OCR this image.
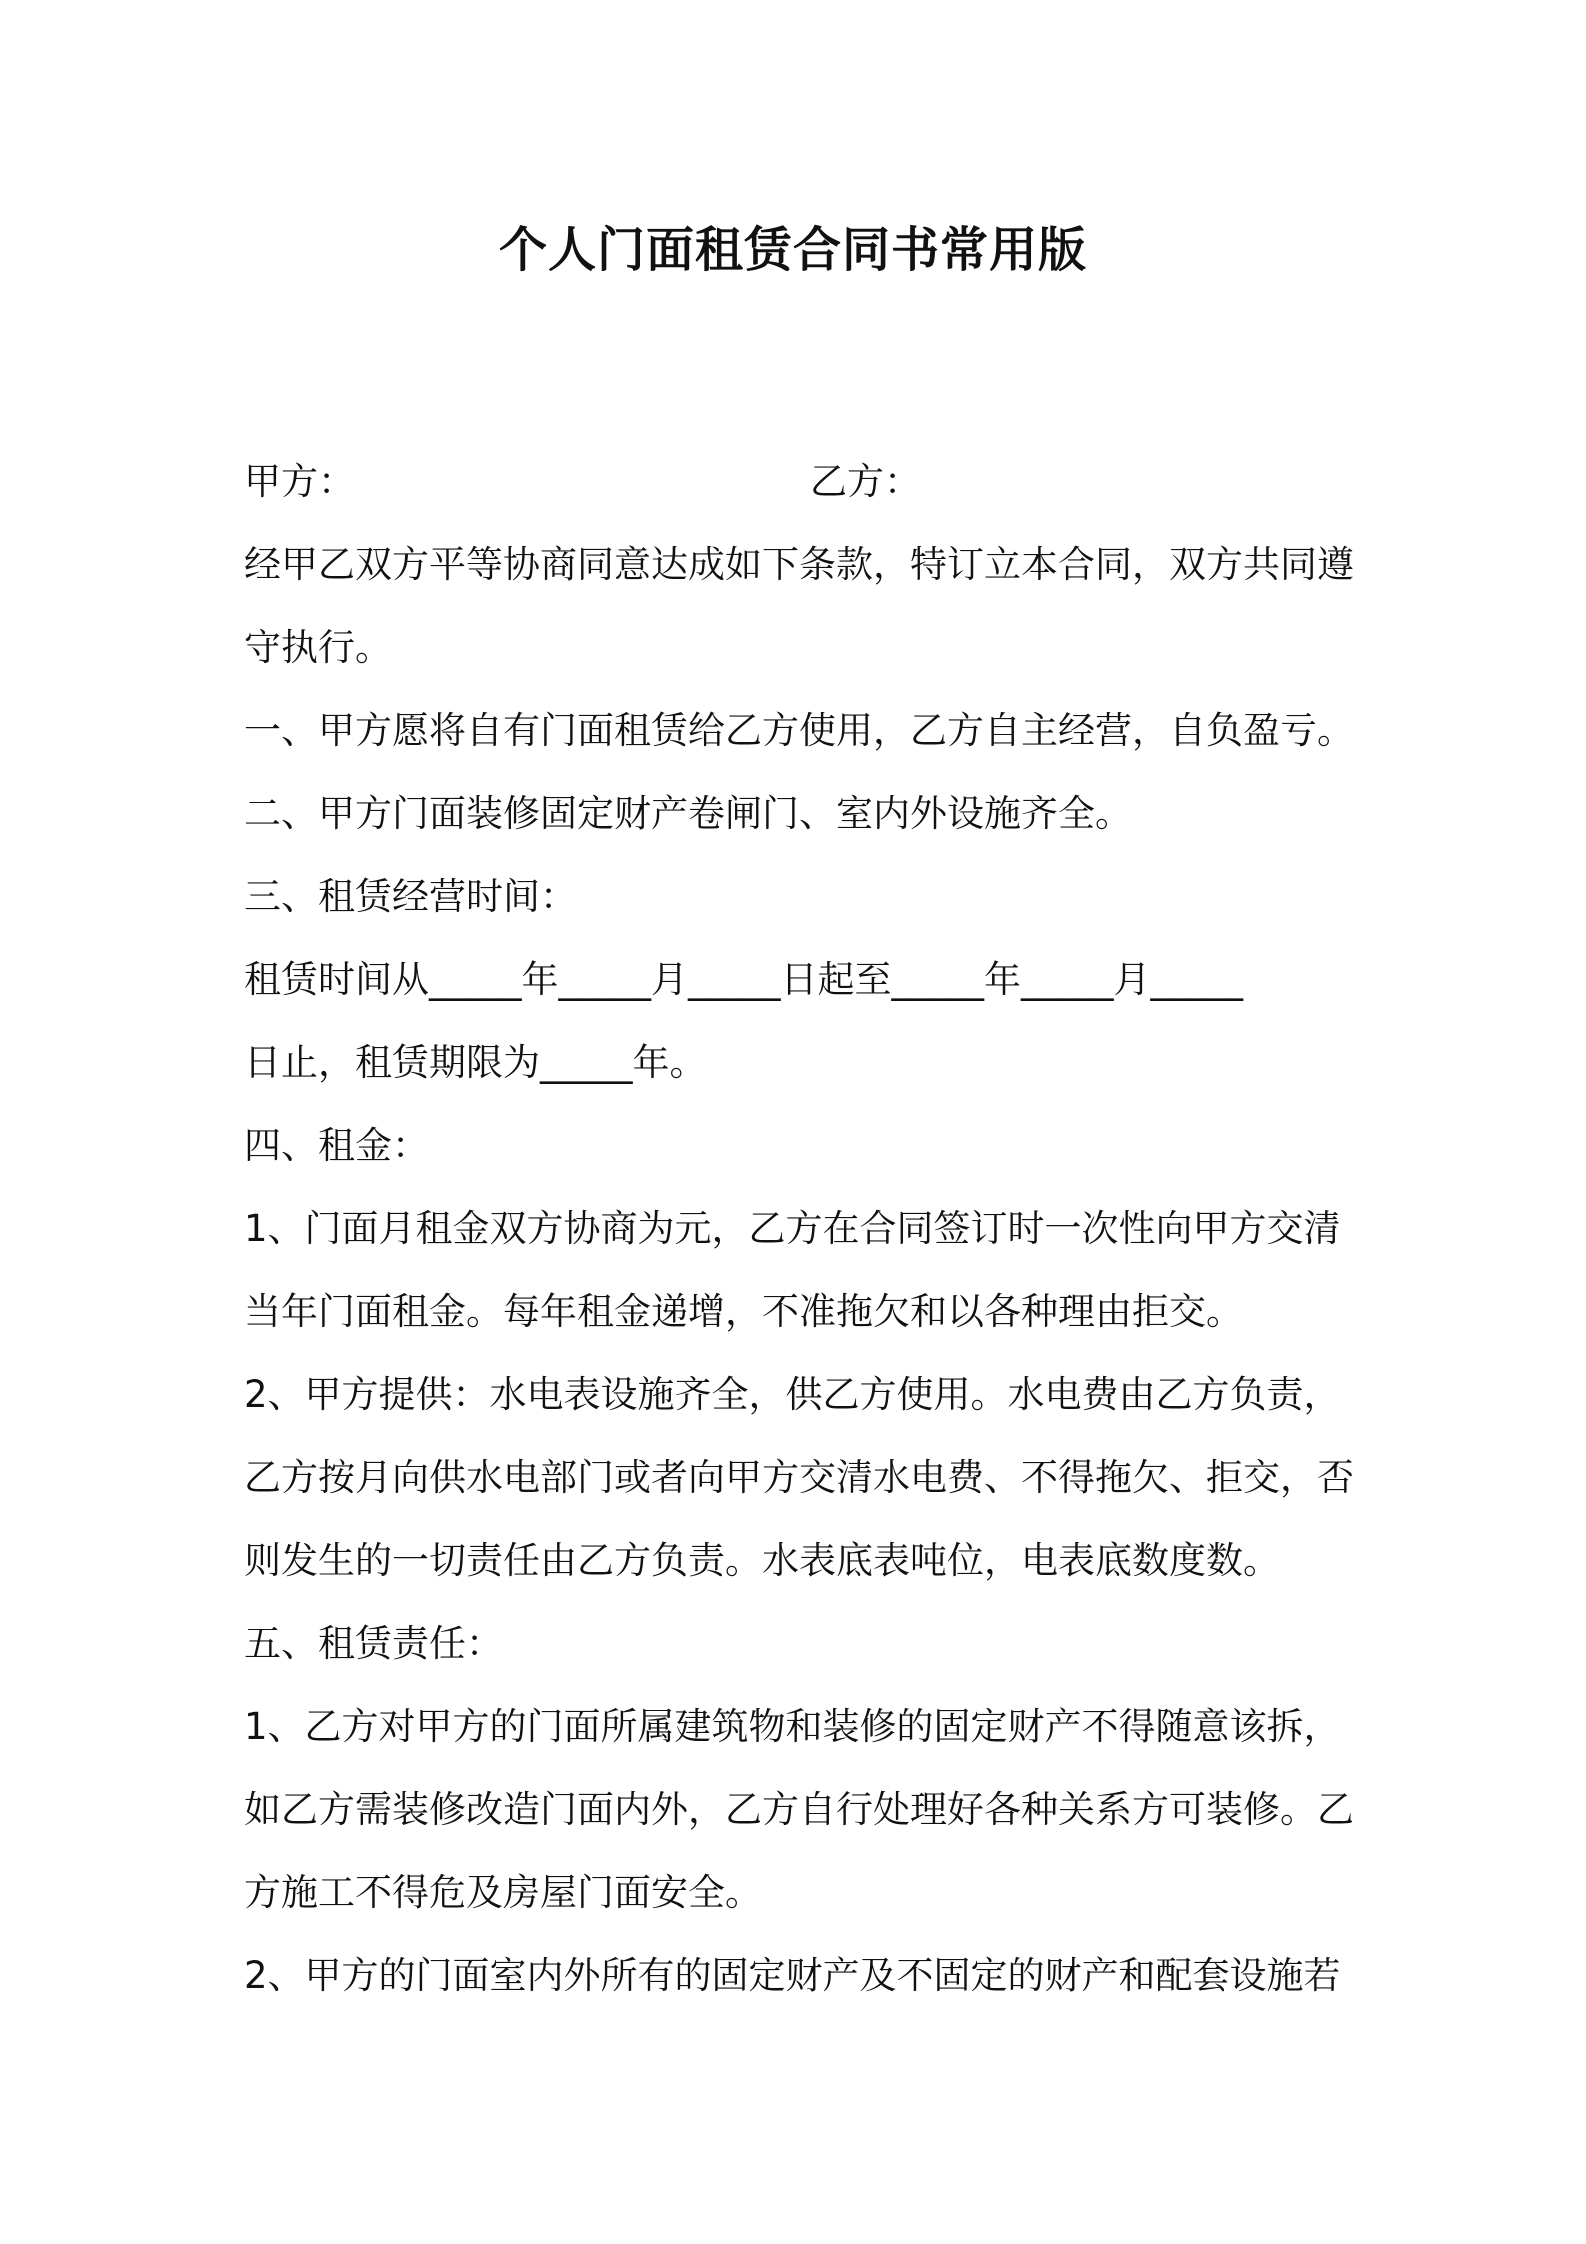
个人门面租赁合同书常用版
甲方：	乙方：

经甲乙双方平等协商同意达成如下条款，特订立本合同，双方共同遵

守执行。

一、甲方愿将自有门面租赁给乙方使用，乙方自主经营，自负盈亏。

二、甲方门面装修固定财产卷闸门、室内外设施齐全。

三、租赁经营时间：

租赁时间从_____年_____月_____日起至_____年_____月_____

日止，租赁期限为_____年。

四、租金：

1、门面月租金双方协商为元，乙方在合同签订时一次性向甲方交清

当年门面租金。每年租金递增，不准拖欠和以各种理由拒交。

2、甲方提供：水电表设施齐全，供乙方使用。水电费由乙方负责，

乙方按月向供水电部门或者向甲方交清水电费、不得拖欠、拒交，否

则发生的一切责任由乙方负责。水表底表吨位，电表底数度数。

五、租赁责任：

1、乙方对甲方的门面所属建筑物和装修的固定财产不得随意该拆，

如乙方需装修改造门面内外，乙方自行处理好各种关系方可装修。乙

方施工不得危及房屋门面安全。

2、甲方的门面室内外所有的固定财产及不固定的财产和配套设施若
